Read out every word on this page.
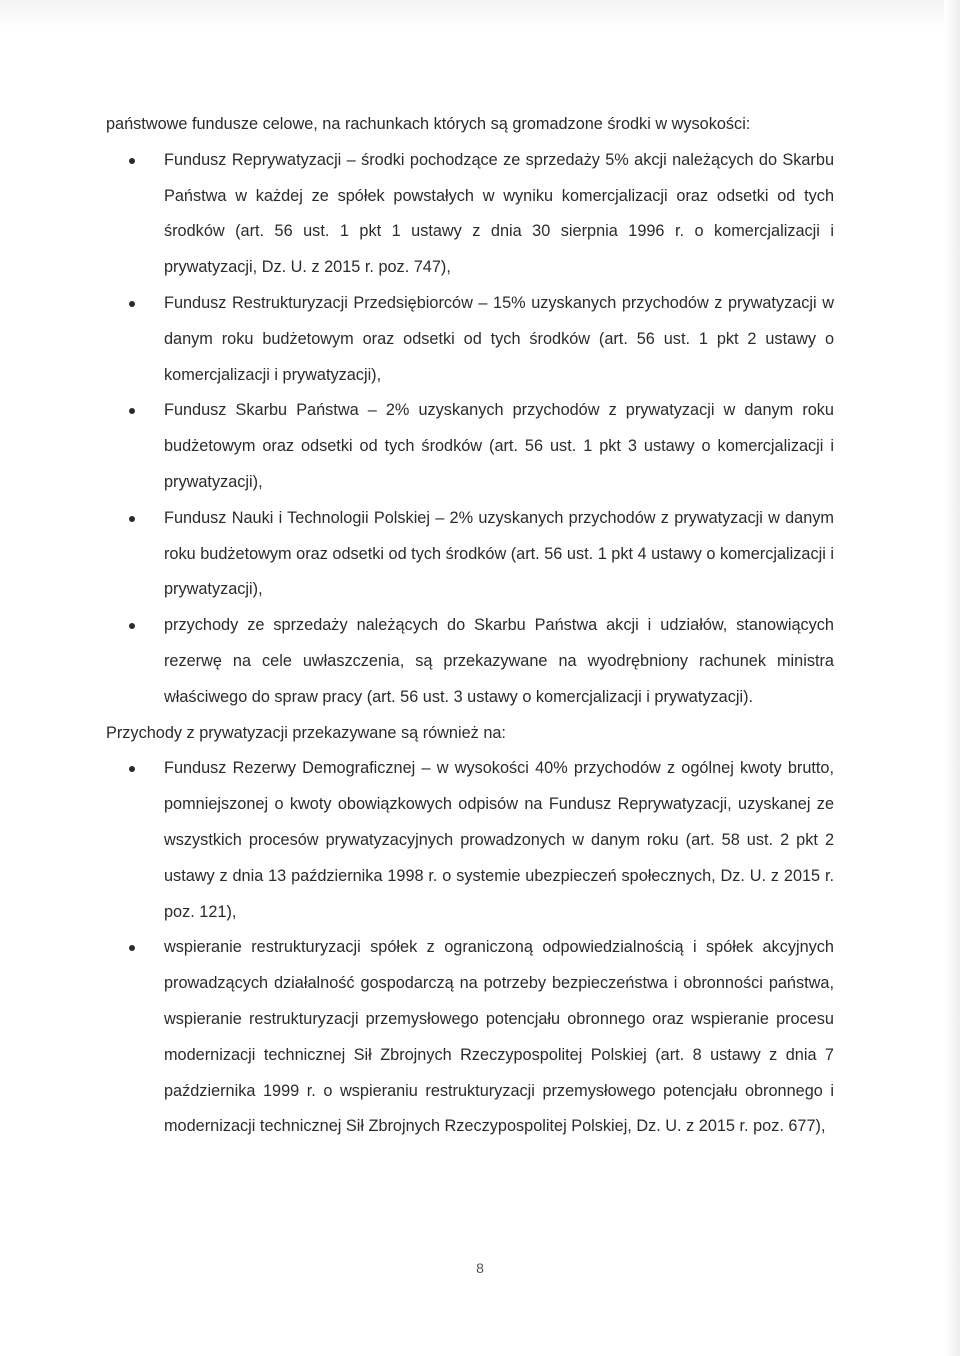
państwowe fundusze celowe, na rachunkach których są gromadzone środki w wysokości:

Fundusz Reprywatyzacji – środki pochodzące ze sprzedaży 5% akcji należących do Skarbu Państwa w każdej ze spółek powstałych w wyniku komercjalizacji oraz odsetki od tych środków (art. 56 ust. 1 pkt 1 ustawy z dnia 30 sierpnia 1996 r. o komercjalizacji i prywatyzacji, Dz. U. z 2015 r. poz. 747),
Fundusz Restrukturyzacji Przedsiębiorców – 15% uzyskanych przychodów z prywatyzacji w danym roku budżetowym oraz odsetki od tych środków (art. 56 ust. 1 pkt 2 ustawy o komercjalizacji i prywatyzacji),
Fundusz Skarbu Państwa – 2% uzyskanych przychodów z prywatyzacji w danym roku budżetowym oraz odsetki od tych środków (art. 56 ust. 1 pkt 3 ustawy o komercjalizacji i prywatyzacji),
Fundusz Nauki i Technologii Polskiej – 2% uzyskanych przychodów z prywatyzacji w danym roku budżetowym oraz odsetki od tych środków (art. 56 ust. 1 pkt 4 ustawy o komercjalizacji i prywatyzacji),
przychody ze sprzedaży należących do Skarbu Państwa akcji i udziałów, stanowiących rezerwę na cele uwłaszczenia, są przekazywane na wyodrębniony rachunek ministra właściwego do spraw pracy (art. 56 ust. 3 ustawy o komercjalizacji i prywatyzacji).

Przychody z prywatyzacji przekazywane są również na:

Fundusz Rezerwy Demograficznej – w wysokości 40% przychodów z ogólnej kwoty brutto, pomniejszonej o kwoty obowiązkowych odpisów na Fundusz Reprywatyzacji, uzyskanej ze wszystkich procesów prywatyzacyjnych prowadzonych w danym roku (art. 58 ust. 2 pkt 2 ustawy z dnia 13 października 1998 r. o systemie ubezpieczeń społecznych, Dz. U. z 2015 r. poz. 121),
wspieranie restrukturyzacji spółek z ograniczoną odpowiedzialnością i spółek akcyjnych prowadzących działalność gospodarczą na potrzeby bezpieczeństwa i obronności państwa, wspieranie restrukturyzacji przemysłowego potencjału obronnego oraz wspieranie procesu modernizacji technicznej Sił Zbrojnych Rzeczypospolitej Polskiej (art. 8 ustawy z dnia 7 października 1999 r. o wspieraniu restrukturyzacji przemysłowego potencjału obronnego i modernizacji technicznej Sił Zbrojnych Rzeczypospolitej Polskiej, Dz. U. z 2015 r. poz. 677),
8
